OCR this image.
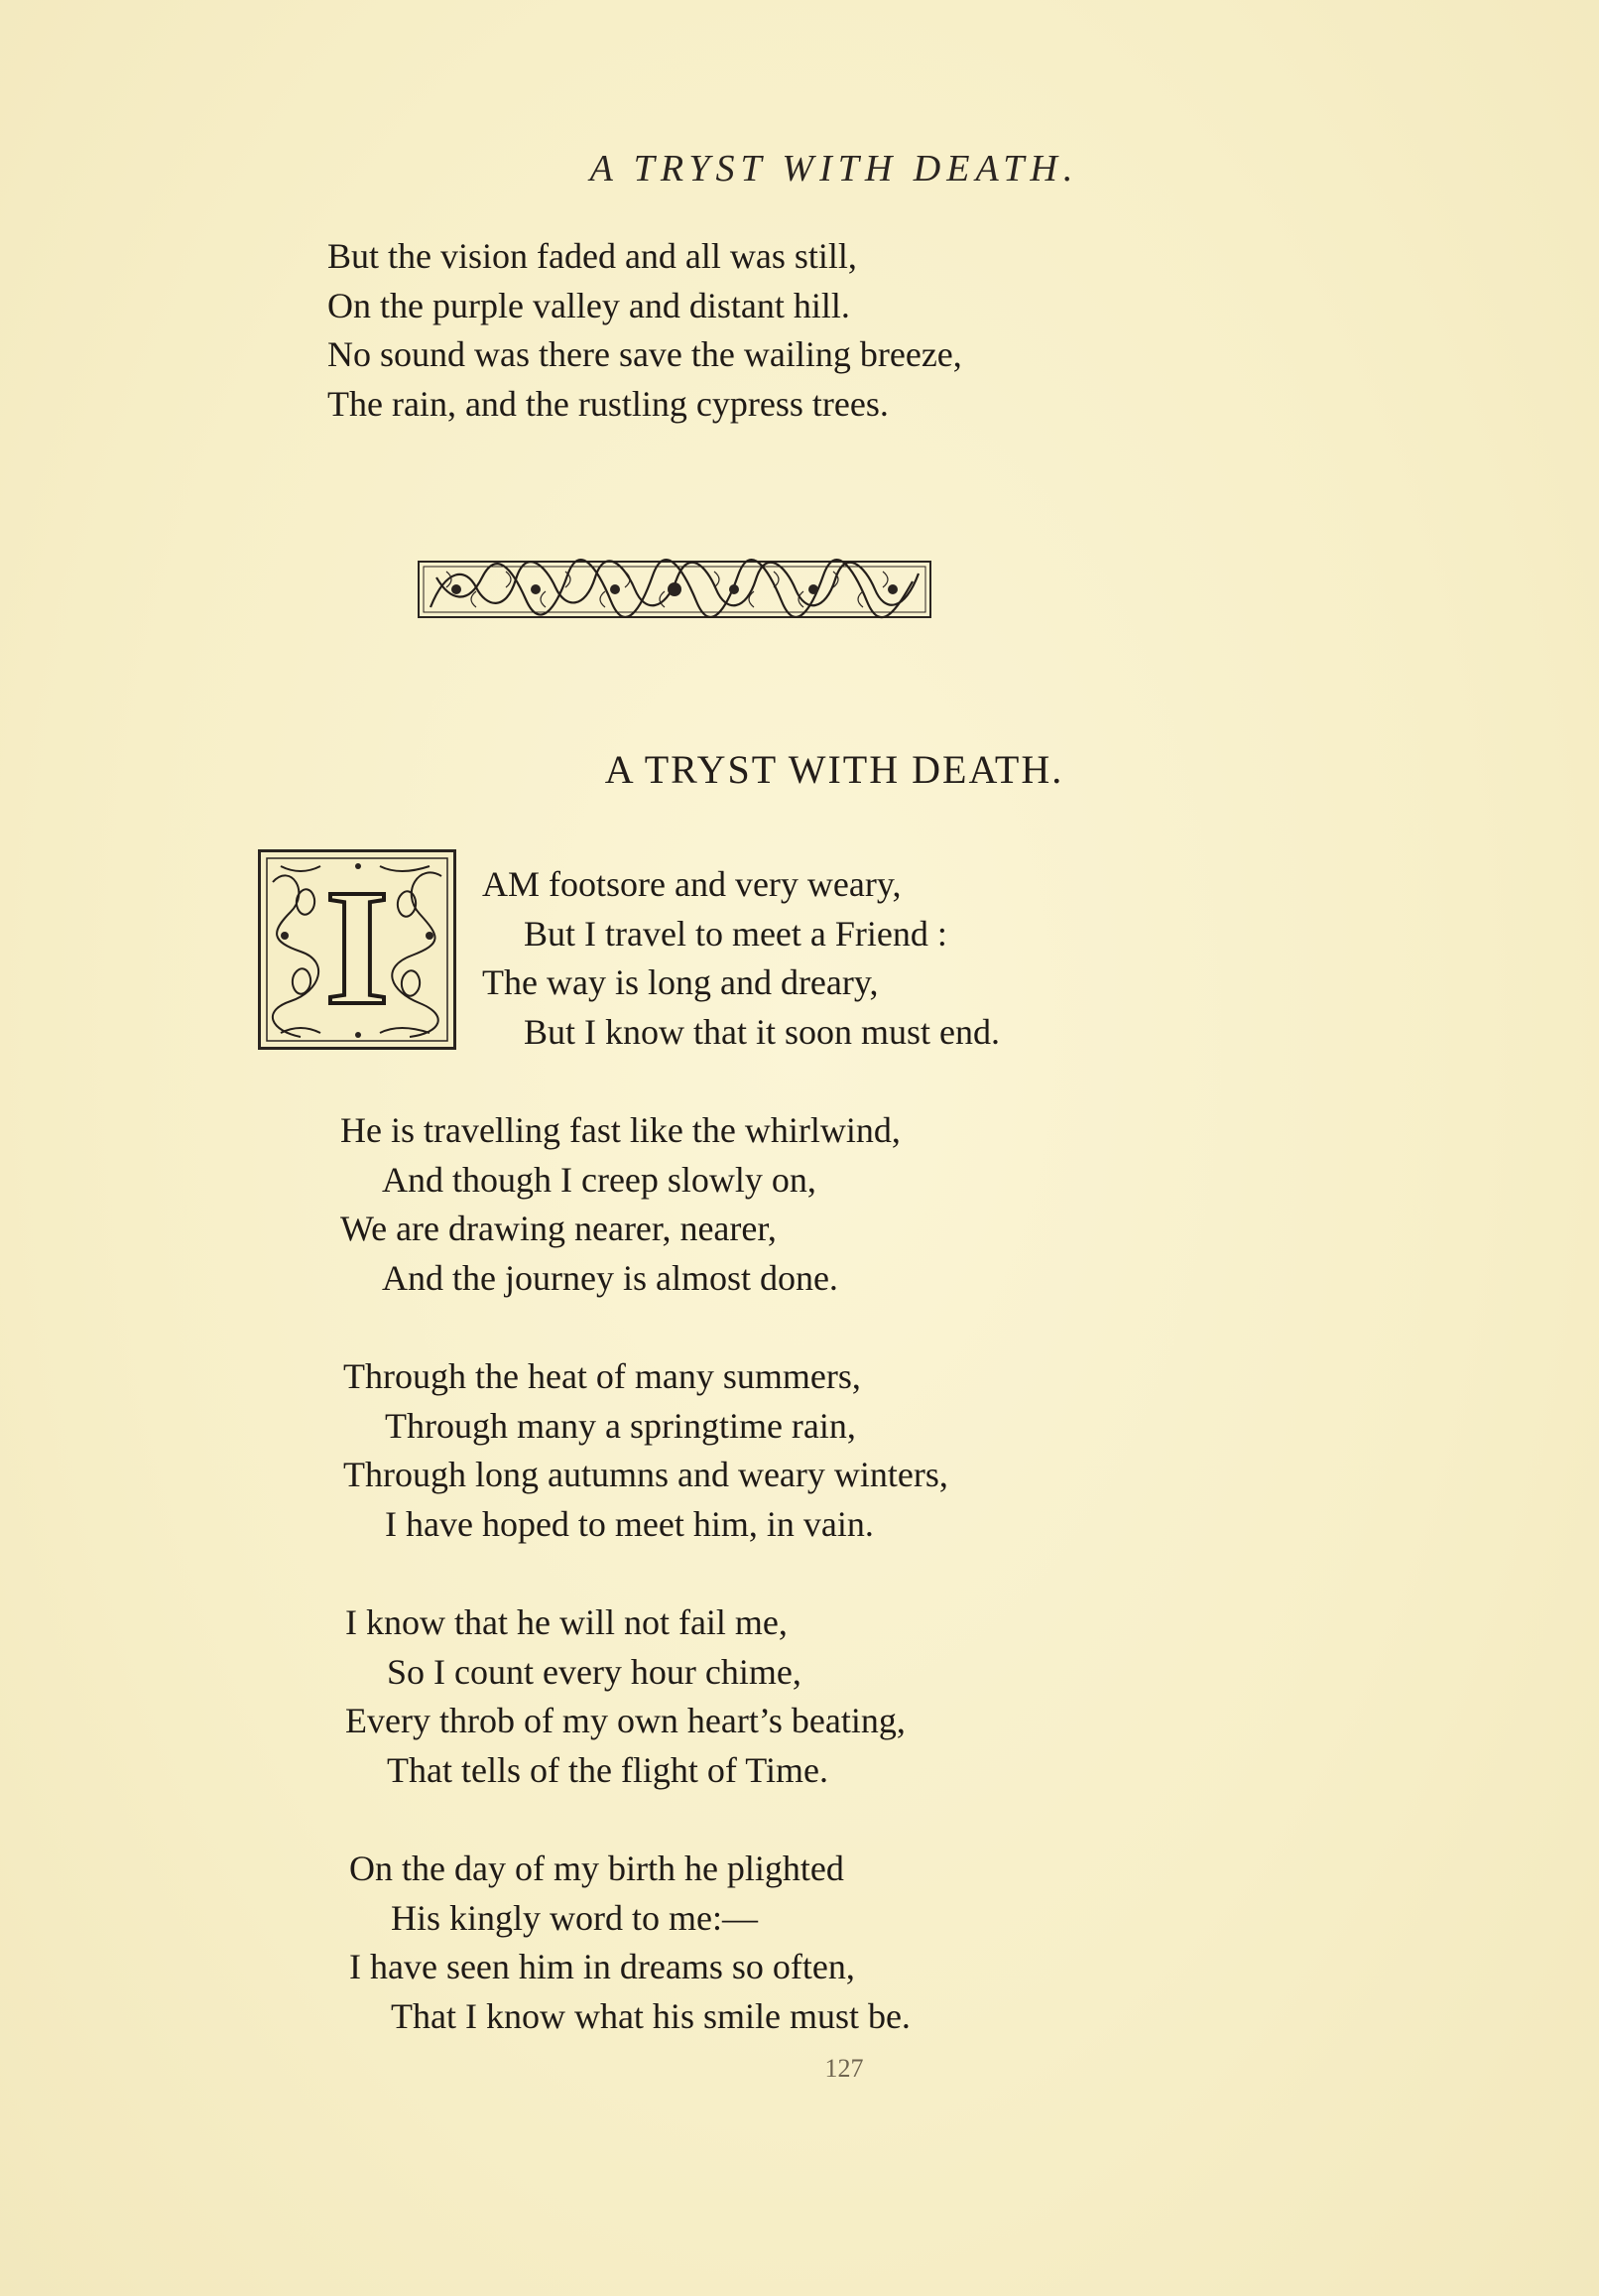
A TRYST WITH DEATH.
But the vision faded and all was still,
On the purple valley and distant hill.
No sound was there save the wailing breeze,
The rain, and the rustling cypress trees.
A TRYST WITH DEATH.
I	AM footsore and very weary,
But I travel to meet a Friend :
The way is long and dreary,
But I know that it soon must end.
He is travelling fast like the whirlwind,
And though I creep slowly on,
We are drawing nearer, nearer,
And the journey is almost done.
Through the heat of many summers,
Through many a springtime rain,
Through long autumns and weary winters,
I have hoped to meet him, in vain.
I know that he will not fail me,
So I count every hour chime,
Every throb of my own heart’s beating,
That tells of the flight of Time.
On the day of my birth he plighted
His kingly word to me:—
I have seen him in dreams so often,
That I know what his smile must be.
127
